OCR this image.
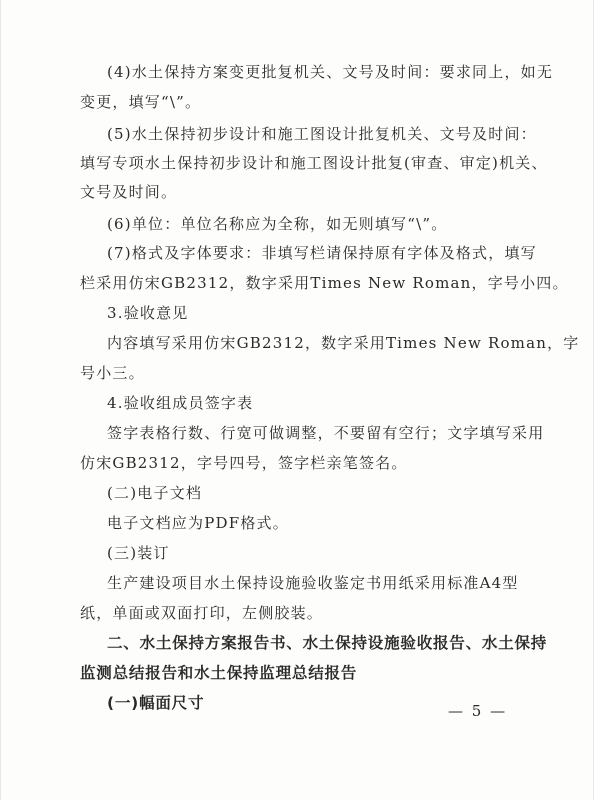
(4)水土保持方案变更批复机关、文号及时间：要求同上，如无
变更，填写“\”。
(5)水土保持初步设计和施工图设计批复机关、文号及时间：
填写专项水土保持初步设计和施工图设计批复(审查、审定)机关、
文号及时间。
(6)单位：单位名称应为全称，如无则填写“\”。
(7)格式及字体要求：非填写栏请保持原有字体及格式，填写
栏采用仿宋GB2312，数字采用Times New Roman，字号小四。
3.验收意见
内容填写采用仿宋GB2312，数字采用Times New Roman，字
号小三。
4.验收组成员签字表
签字表格行数、行宽可做调整，不要留有空行；文字填写采用
仿宋GB2312，字号四号，签字栏亲笔签名。
(二)电子文档
电子文档应为PDF格式。
(三)装订
生产建设项目水土保持设施验收鉴定书用纸采用标准A4型
纸，单面或双面打印，左侧胶装。
二、水土保持方案报告书、水土保持设施验收报告、水土保持
监测总结报告和水土保持监理总结报告
(一)幅面尺寸	— 5 —
